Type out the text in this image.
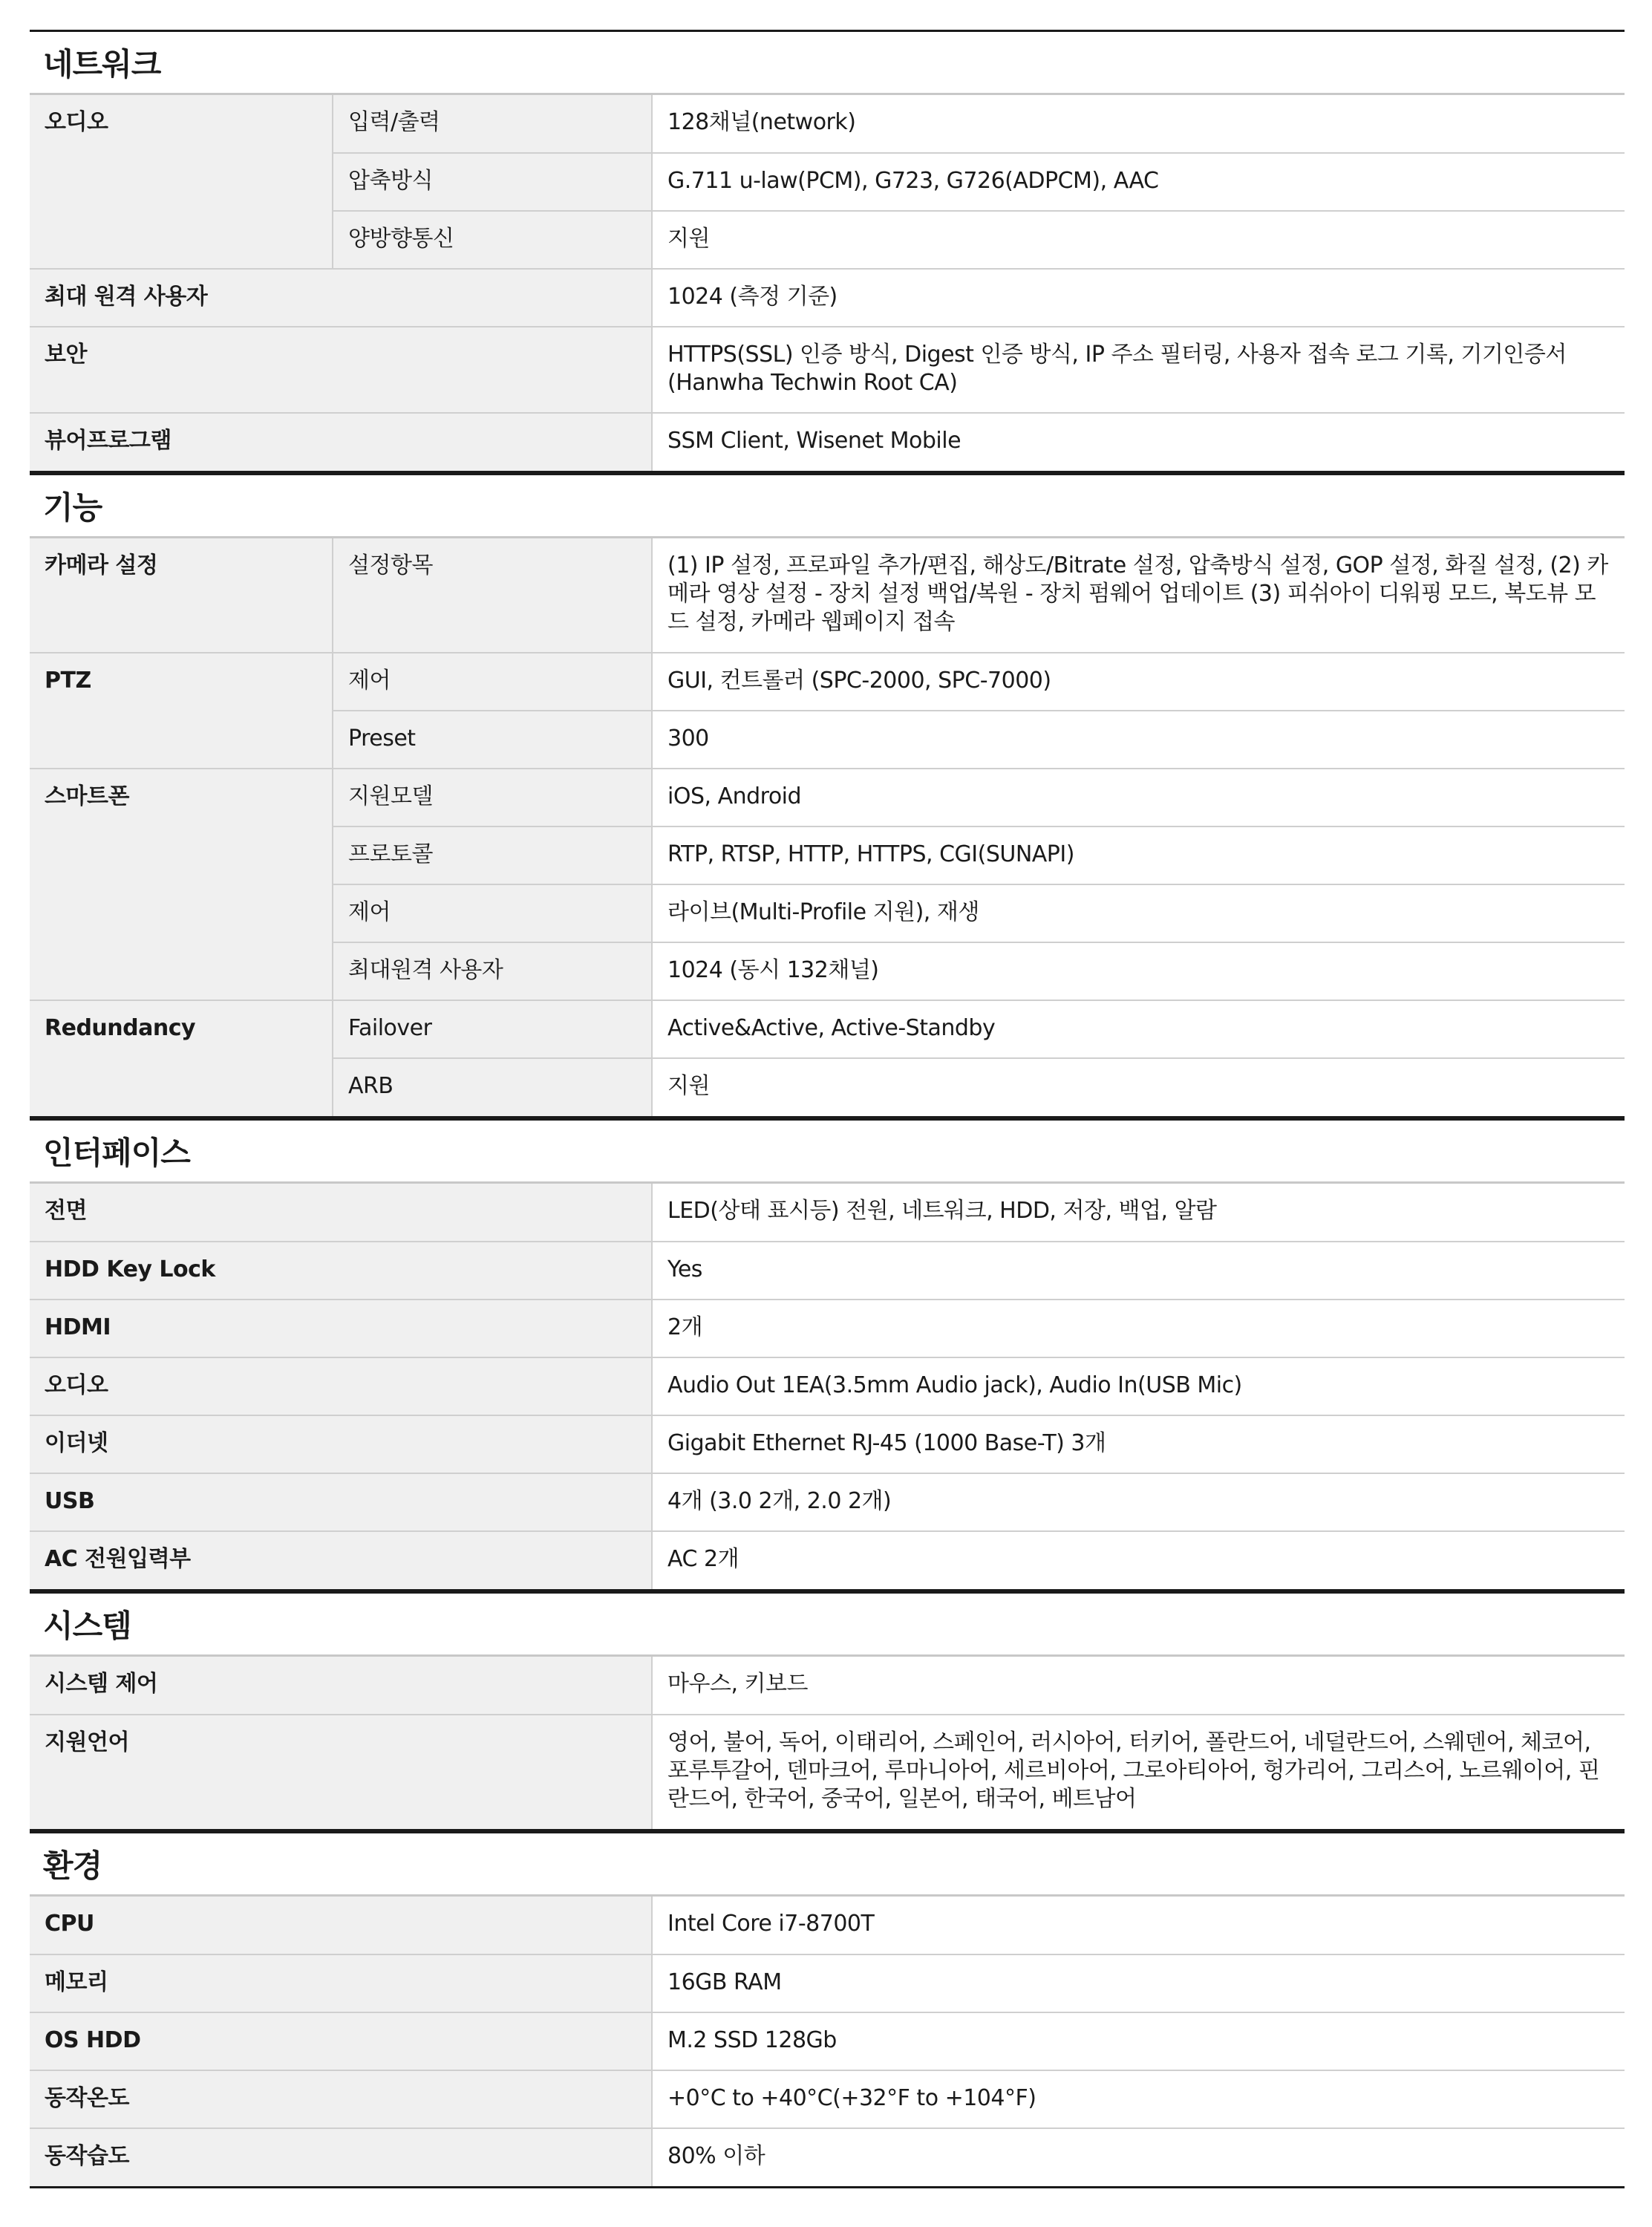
네트워크
오디오	입력/출력	128채널(network)
	압축방식	G.711 u-law(PCM), G723, G726(ADPCM), AAC
	양방향통신	지원
최대 원격 사용자		1024 (측정 기준)
보안		HTTPS(SSL) 인증 방식, Digest 인증 방식, IP 주소 필터링, 사용자 접속 로그 기록, 기기인증서 (Hanwha Techwin Root CA)
뷰어프로그램		SSM Client, Wisenet Mobile
기능
카메라 설정	설정항목	(1) IP 설정, 프로파일 추가/편집, 해상도/Bitrate 설정, 압축방식 설정, GOP 설정, 화질 설정, (2) 카메라 영상 설정 - 장치 설정 백업/복원 - 장치 펌웨어 업데이트 (3) 피쉬아이 디워핑 모드, 복도뷰 모드 설정, 카메라 웹페이지 접속
PTZ	제어	GUI, 컨트롤러 (SPC-2000, SPC-7000)
	Preset	300
스마트폰	지원모델	iOS, Android
	프로토콜	RTP, RTSP, HTTP, HTTPS, CGI(SUNAPI)
	제어	라이브(Multi-Profile 지원), 재생
	최대원격 사용자	1024 (동시 132채널)
Redundancy	Failover	Active&Active, Active-Standby
	ARB	지원
인터페이스
전면	LED(상태 표시등) 전원, 네트워크, HDD, 저장, 백업, 알람
HDD Key Lock	Yes
HDMI	2개
오디오	Audio Out 1EA(3.5mm Audio jack), Audio In(USB Mic)
이더넷	Gigabit Ethernet RJ-45 (1000 Base-T) 3개
USB	4개 (3.0 2개, 2.0 2개)
AC 전원입력부	AC 2개
시스템
시스템 제어	마우스, 키보드
지원언어	영어, 불어, 독어, 이태리어, 스페인어, 러시아어, 터키어, 폴란드어, 네덜란드어, 스웨덴어, 체코어, 포루투갈어, 덴마크어, 루마니아어, 세르비아어, 그로아티아어, 헝가리어, 그리스어, 노르웨이어, 핀란드어, 한국어, 중국어, 일본어, 태국어, 베트남어
환경
CPU	Intel Core i7-8700T
메모리	16GB RAM
OS HDD	M.2 SSD 128Gb
동작온도	+0°C to +40°C(+32°F to +104°F)
동작습도	80% 이하
